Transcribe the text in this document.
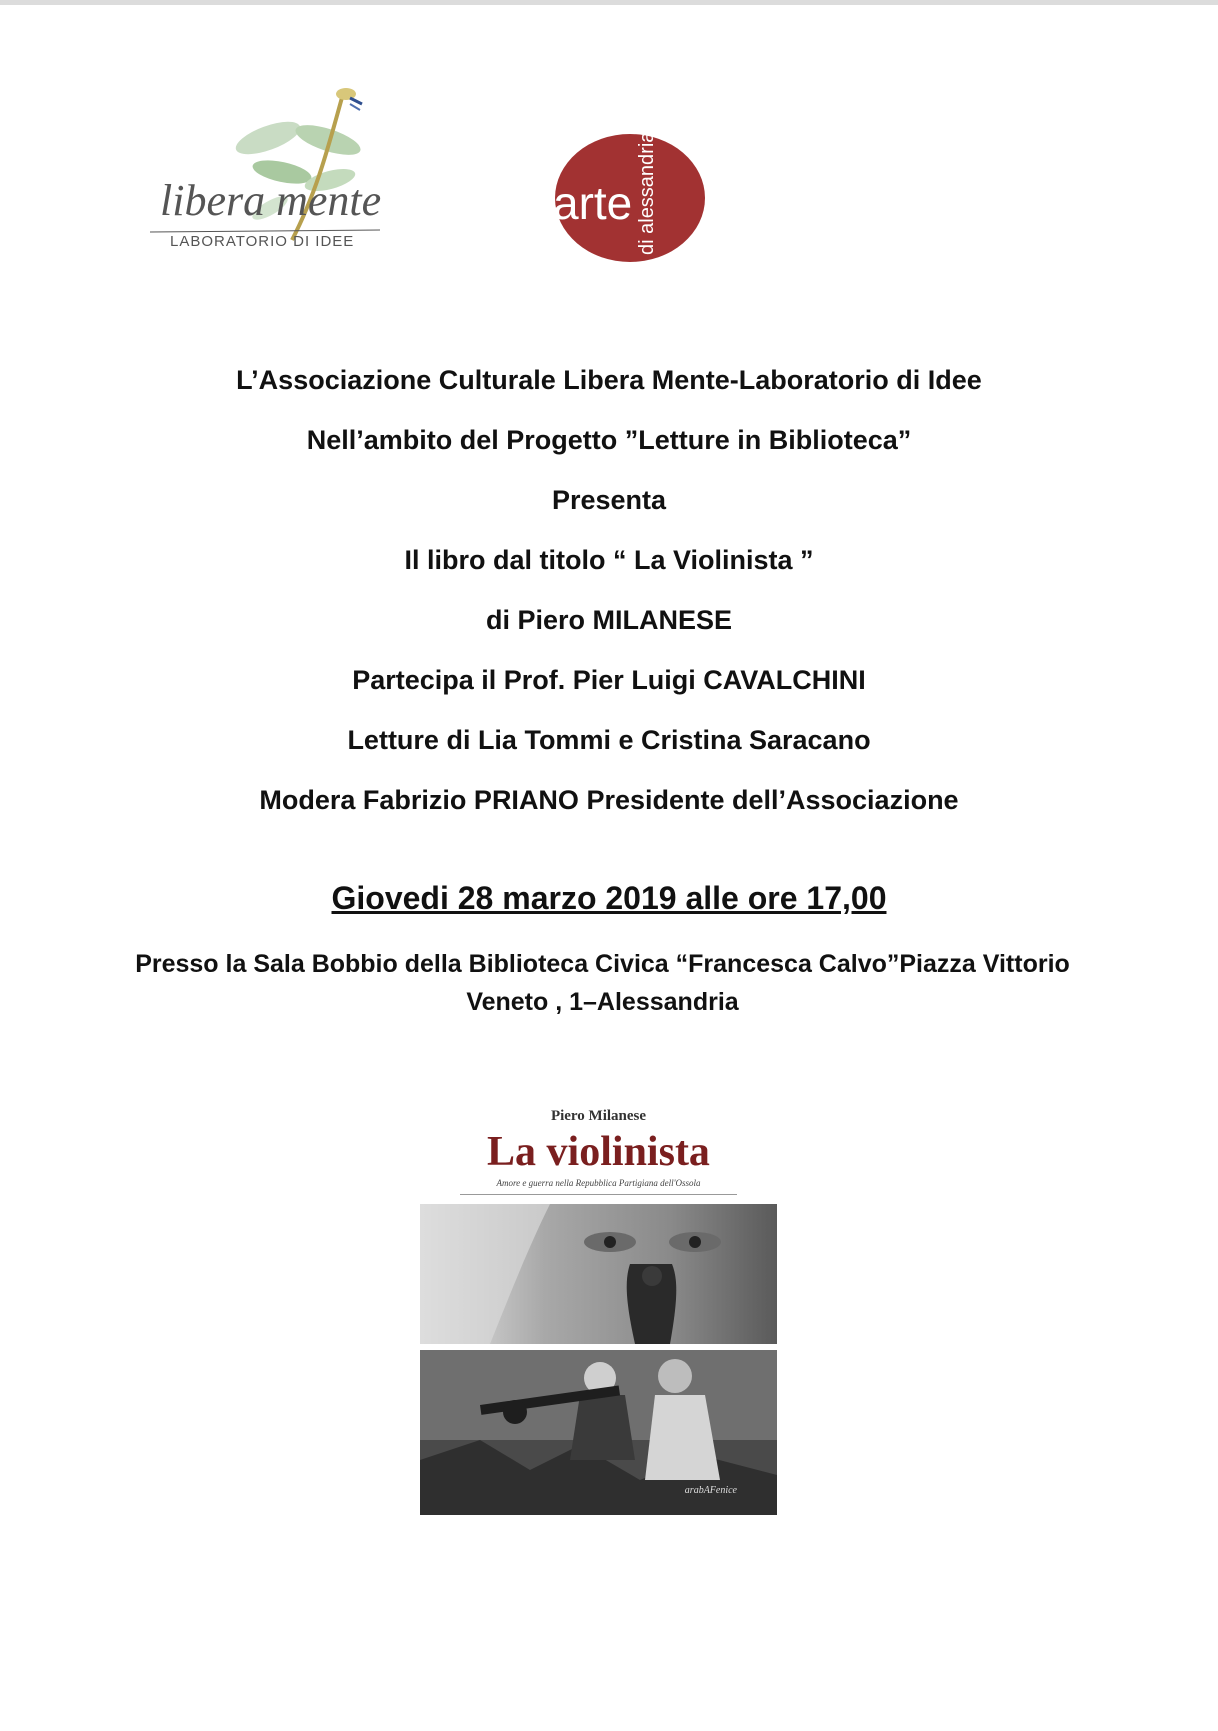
libera mente
LABORATORIO DI IDEE
arte di alessandria
L’Associazione Culturale Libera Mente-Laboratorio di Idee
Nell’ambito del Progetto ”Letture in Biblioteca”
Presenta
Il libro dal titolo “ La Violinista ”
di Piero MILANESE
Partecipa il Prof. Pier Luigi CAVALCHINI
Letture di Lia Tommi e Cristina Saracano
Modera Fabrizio PRIANO Presidente dell’Associazione
Giovedi 28 marzo 2019 alle ore 17,00
Presso la Sala Bobbio della Biblioteca Civica “Francesca Calvo”Piazza Vittorio
Veneto , 1–Alessandria
Piero Milanese
La violinista
Amore e guerra nella Repubblica Partigiana dell'Ossola
arabAFenice
